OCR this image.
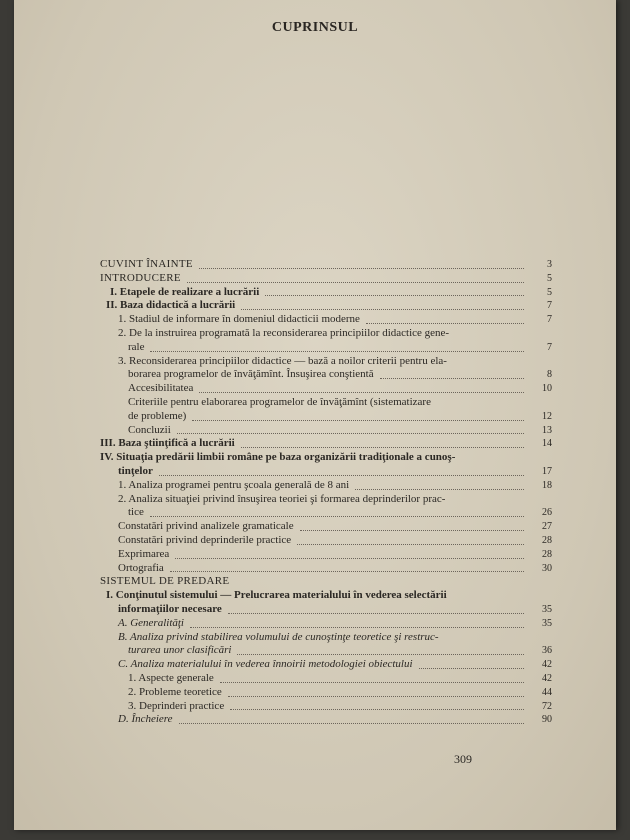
CUPRINSUL
CUVINT ÎNAINTE	3
INTRODUCERE	5
I. Etapele de realizare a lucrării	5
II. Baza didactică a lucrării	7
1. Stadiul de informare în domeniul didacticii moderne	7
2. De la instruirea programată la reconsiderarea principiilor didactice gene-
rale	7
3. Reconsiderarea principiilor didactice — bază a noilor criterii pentru ela-
borarea programelor de învăţămînt. Însuşirea conştientă	8
Accesibilitatea	10
Criteriile pentru elaborarea programelor de învăţămînt (sistematizare
de probleme)	12
Concluzii	13
III. Baza ştiinţifică a lucrării	14
IV. Situaţia predării limbii române pe baza organizării tradiţionale a cunoş-
tinţelor	17
1. Analiza programei pentru şcoala generală de 8 ani	18
2. Analiza situaţiei privind însuşirea teoriei şi formarea deprinderilor prac-
tice	26
Constatări privind analizele gramaticale	27
Constatări privind deprinderile practice	28
Exprimarea	28
Ortografia	30
SISTEMUL DE PREDARE
I. Conţinutul sistemului — Prelucrarea materialului în vederea selectării
informaţiilor necesare	35
A. Generalităţi	35
B. Analiza privind stabilirea volumului de cunoştinţe teoretice şi restruc-
turarea unor clasificări	36
C. Analiza materialului în vederea înnoirii metodologiei obiectului	42
1. Aspecte generale	42
2. Probleme teoretice	44
3. Deprinderi practice	72
D. Încheiere	90
309
